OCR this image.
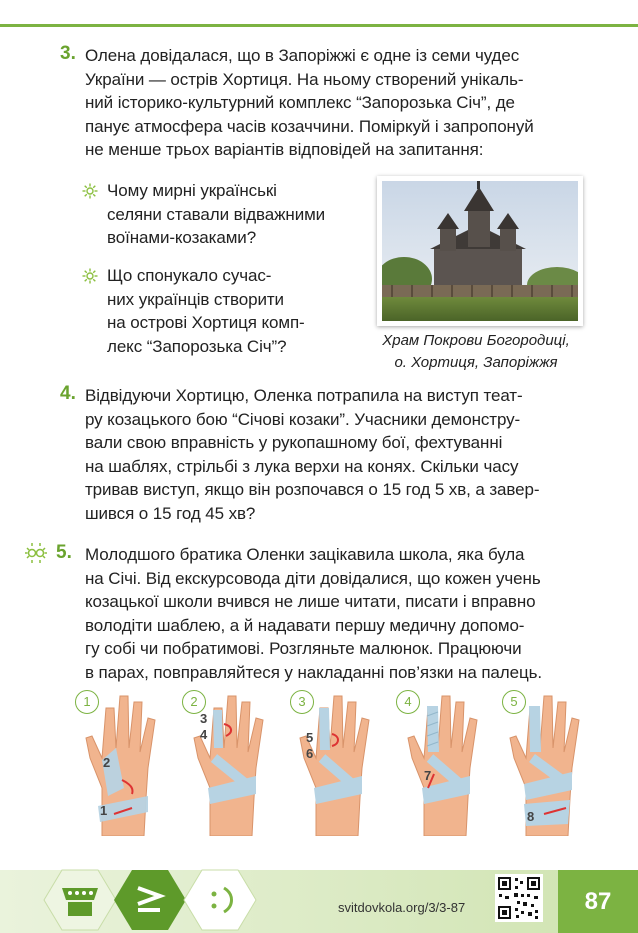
3. Олена довідалася, що в Запоріжжі є одне із семи чудес
України — острів Хортиця. На ньому створений унікаль-
ний історико-культурний комплекс “Запорозька Січ”, де
панує атмосфера часів козаччини. Поміркуй і запропонуй
не менше трьох варіантів відповідей на запитання:
Чому мирні українські
селяни ставали відважними
воїнами-козаками?
Що спонукало сучас-
них українців створити
на острові Хортиця комп-
лекс “Запорозька Січ”?	Храм Покрови Богородиці,
о. Хортиця, Запоріжжя
4. Відвідуючи Хортицю, Оленка потрапила на виступ теат-
ру козацького бою “Січові козаки”. Учасники демонстру-
вали свою вправність у рукопашному бої, фехтуванні
на шаблях, стрільбі з лука верхи на конях. Скільки часу
тривав виступ, якщо він розпочався о 15 год 5 хв, а завер-
шився о 15 год 45 хв?
5. Молодшого братика Оленки зацікавила школа, яка була
на Січі. Від екскурсовода діти довідалися, що кожен учень
козацької школи вчився не лише читати, писати і вправно
володіти шаблею, а й надавати першу медичну допомо-
гу собі чи побратимові. Розгляньте малюнок. Працюючи
в парах, повправляйтеся у накладанні пов’язки на палець.
1	2	3	4	5
2
1
3
4	5
6
7
8
svitdovkola.org/3/3-87	87
